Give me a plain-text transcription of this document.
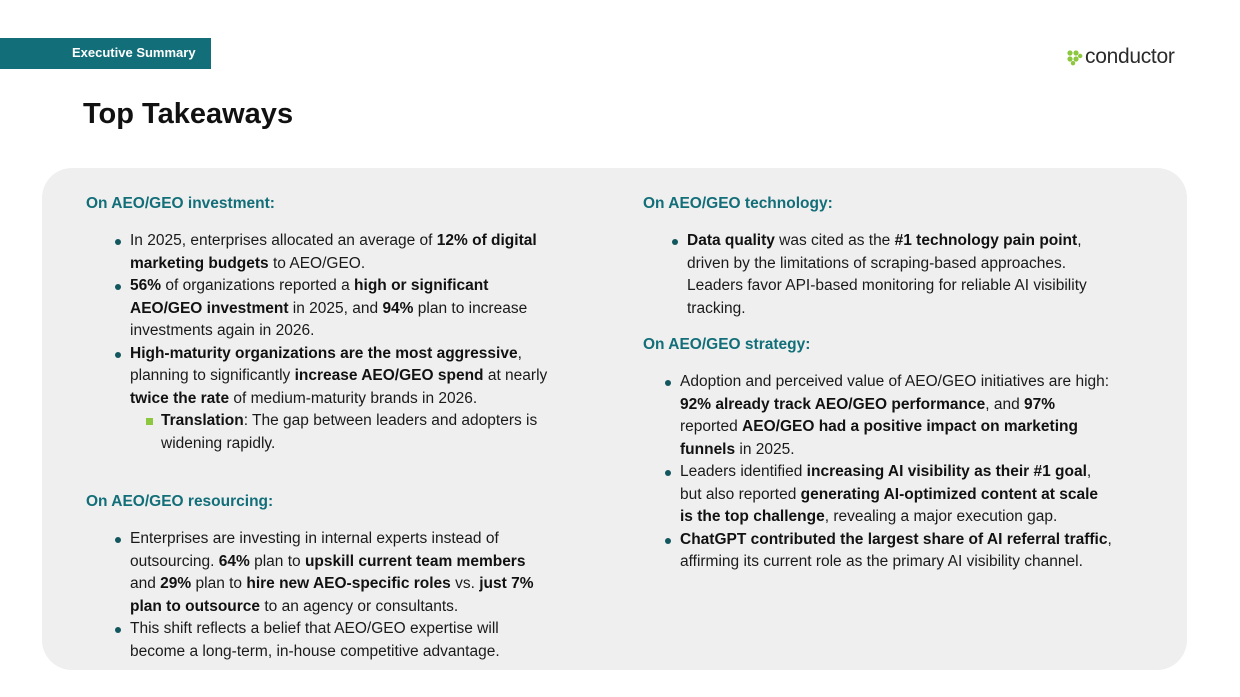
Executive Summary	conductor
Top Takeaways
On AEO/GEO investment:
In 2025, enterprises allocated an average of 12% of digital marketing budgets to AEO/GEO.
56% of organizations reported a high or significant AEO/GEO investment in 2025, and 94% plan to increase investments again in 2026.
High-maturity organizations are the most aggressive, planning to significantly increase AEO/GEO spend at nearly twice the rate of medium-maturity brands in 2026.
Translation: The gap between leaders and adopters is widening rapidly.
On AEO/GEO resourcing:
Enterprises are investing in internal experts instead of outsourcing. 64% plan to upskill current team members and 29% plan to hire new AEO-specific roles vs. just 7% plan to outsource to an agency or consultants.
This shift reflects a belief that AEO/GEO expertise will become a long-term, in-house competitive advantage.
On AEO/GEO technology:
Data quality was cited as the #1 technology pain point, driven by the limitations of scraping-based approaches. Leaders favor API-based monitoring for reliable AI visibility tracking.
On AEO/GEO strategy:
Adoption and perceived value of AEO/GEO initiatives are high: 92% already track AEO/GEO performance, and 97% reported AEO/GEO had a positive impact on marketing funnels in 2025.
Leaders identified increasing AI visibility as their #1 goal, but also reported generating AI-optimized content at scale is the top challenge, revealing a major execution gap.
ChatGPT contributed the largest share of AI referral traffic, affirming its current role as the primary AI visibility channel.
